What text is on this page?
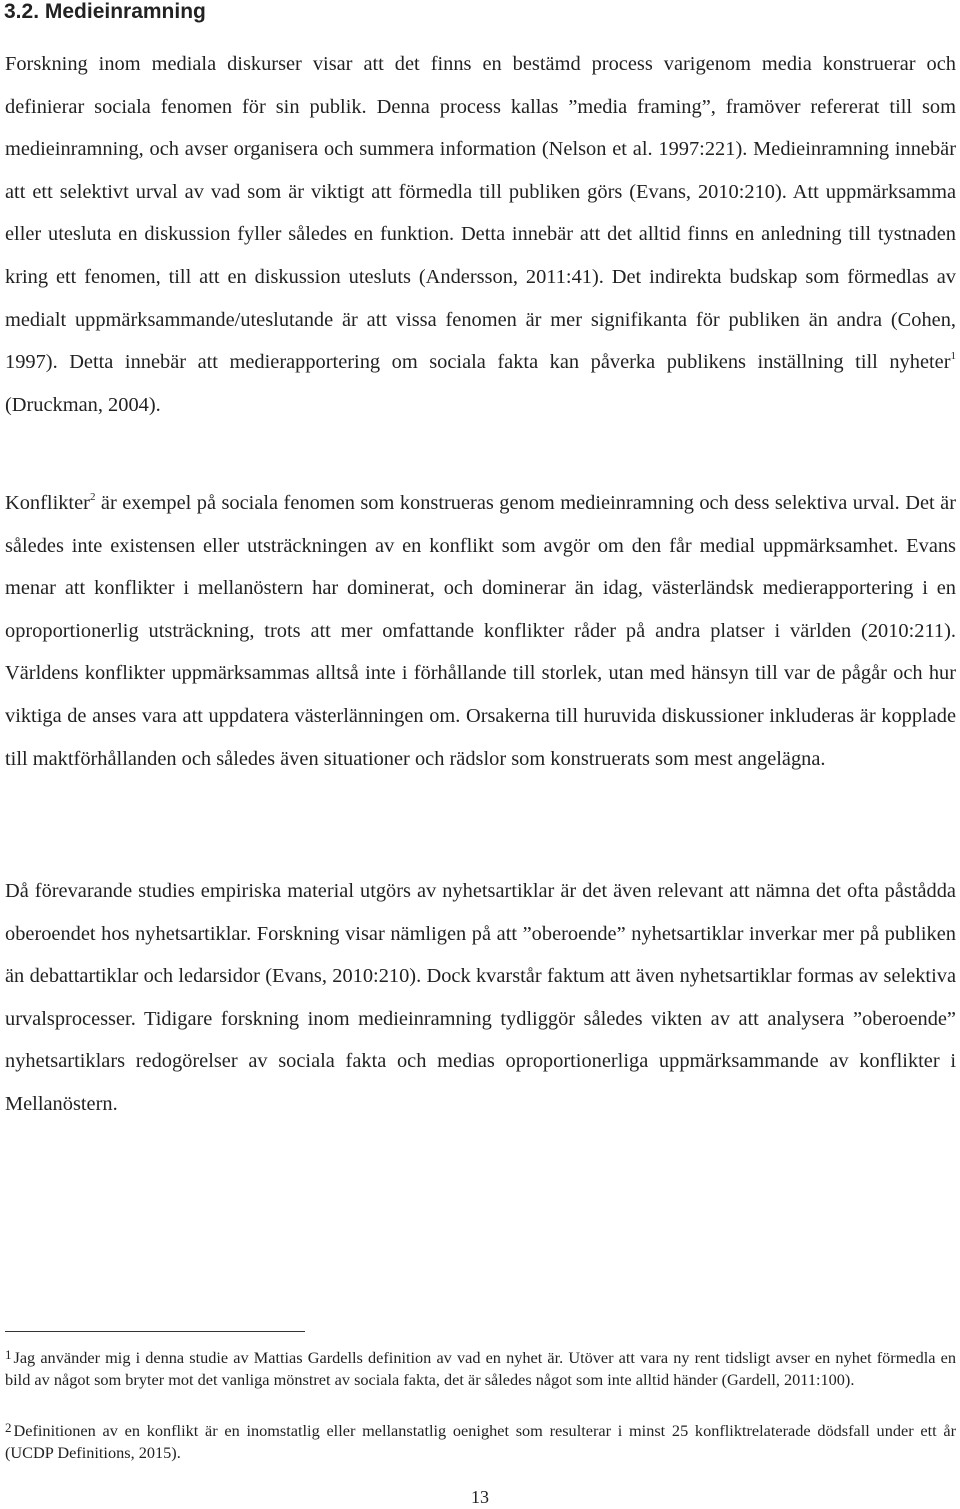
3.2. Medieinramning

Forskning inom mediala diskurser visar att det finns en bestämd process varigenom media konstruerar och definierar sociala fenomen för sin publik. Denna process kallas ”media framing”, framöver refererat till som medieinramning, och avser organisera och summera information (Nelson et al. 1997:221). Medieinramning innebär att ett selektivt urval av vad som är viktigt att förmedla till publiken görs (Evans, 2010:210). Att uppmärksamma eller utesluta en diskussion fyller således en funktion. Detta innebär att det alltid finns en anledning till tystnaden kring ett fenomen, till att en diskussion utesluts (Andersson, 2011:41). Det indirekta budskap som förmedlas av medialt uppmärksammande/uteslutande är att vissa fenomen är mer signifikanta för publiken än andra (Cohen, 1997). Detta innebär att medierapportering om sociala fakta kan påverka publikens inställning till nyheter$^1$ (Druckman, 2004).

Konflikter$^2$ är exempel på sociala fenomen som konstrueras genom medieinramning och dess selektiva urval. Det är således inte existensen eller utsträckningen av en konflikt som avgör om den får medial uppmärksamhet. Evans menar att konflikter i mellanöstern har dominerat, och dominerar än idag, västerländsk medierapportering i en oproportionerlig utsträckning, trots att mer omfattande konflikter råder på andra platser i världen (2010:211). Världens konflikter uppmärksammas alltså inte i förhållande till storlek, utan med hänsyn till var de pågår och hur viktiga de anses vara att uppdatera västerlänningen om. Orsakerna till huruvida diskussioner inkluderas är kopplade till maktförhållanden och således även situationer och rädslor som konstruerats som mest angelägna.

Då förevarande studies empiriska material utgörs av nyhetsartiklar är det även relevant att nämna det ofta påstådda oberoendet hos nyhetsartiklar. Forskning visar nämligen på att ”oberoende” nyhetsartiklar inverkar mer på publiken än debattartiklar och ledarsidor (Evans, 2010:210). Dock kvarstår faktum att även nyhetsartiklar formas av selektiva urvalsprocesser. Tidigare forskning inom medieinramning tydliggör således vikten av att analysera ”oberoende” nyhetsartiklars redogörelser av sociala fakta och medias oproportionerliga uppmärksammande av konflikter i Mellanöstern.

$^1$ Jag använder mig i denna studie av Mattias Gardells definition av vad en nyhet är. Utöver att vara ny rent tidsligt avser en nyhet förmedla en bild av något som bryter mot det vanliga mönstret av sociala fakta, det är således något som inte alltid händer (Gardell, 2011:100).

$^2$ Definitionen av en konflikt är en inomstatlig eller mellanstatlig oenighet som resulterar i minst 25 konfliktrelaterade dödsfall under ett år (UCDP Definitions, 2015).

13
